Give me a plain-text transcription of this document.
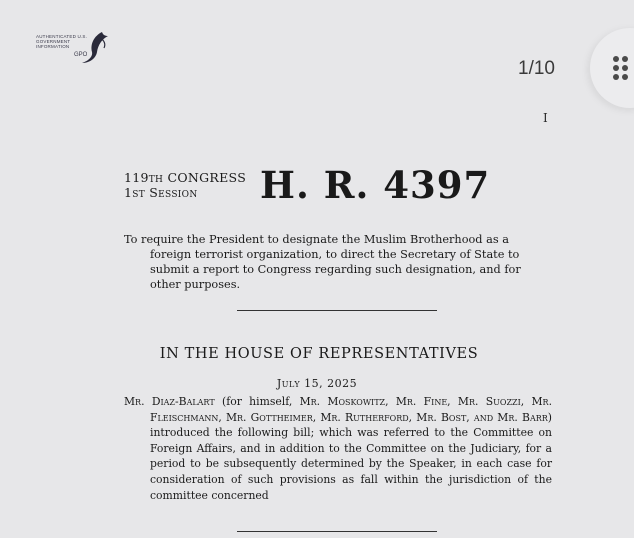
AUTHENTICATED U.S. GOVERNMENT INFORMATION
GPO
1/10
I
119th CONGRESS
1st Session	H. R. 4397

To require the President to designate the Muslim Brotherhood as a foreign terrorist organization, to direct the Secretary of State to submit a report to Congress regarding such designation, and for other purposes.

IN THE HOUSE OF REPRESENTATIVES
July 15, 2025

Mr. Diaz-Balart (for himself, Mr. Moskowitz, Mr. Fine, Mr. Suozzi, Mr. Fleischmann, Mr. Gottheimer, Mr. Rutherford, Mr. Bost, and Mr. Barr) introduced the following bill; which was referred to the Committee on Foreign Affairs, and in addition to the Committee on the Judiciary, for a period to be subsequently determined by the Speaker, in each case for consideration of such provisions as fall within the jurisdiction of the committee concerned
